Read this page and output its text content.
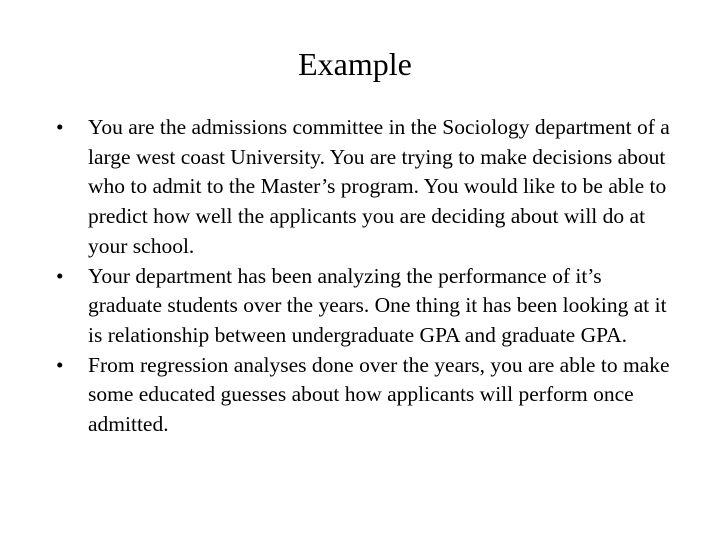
Example
•	You are the admissions committee in the Sociology department of a large west coast University. You are trying to make decisions about who to admit to the Master’s program. You would like to be able to predict how well the applicants you are deciding about will do at your school.
•	Your department has been analyzing the performance of it’s graduate students over the years. One thing it has been looking at it is relationship between undergraduate GPA and graduate GPA.
•	From regression analyses done over the years, you are able to make some educated guesses about how applicants will perform once admitted.
